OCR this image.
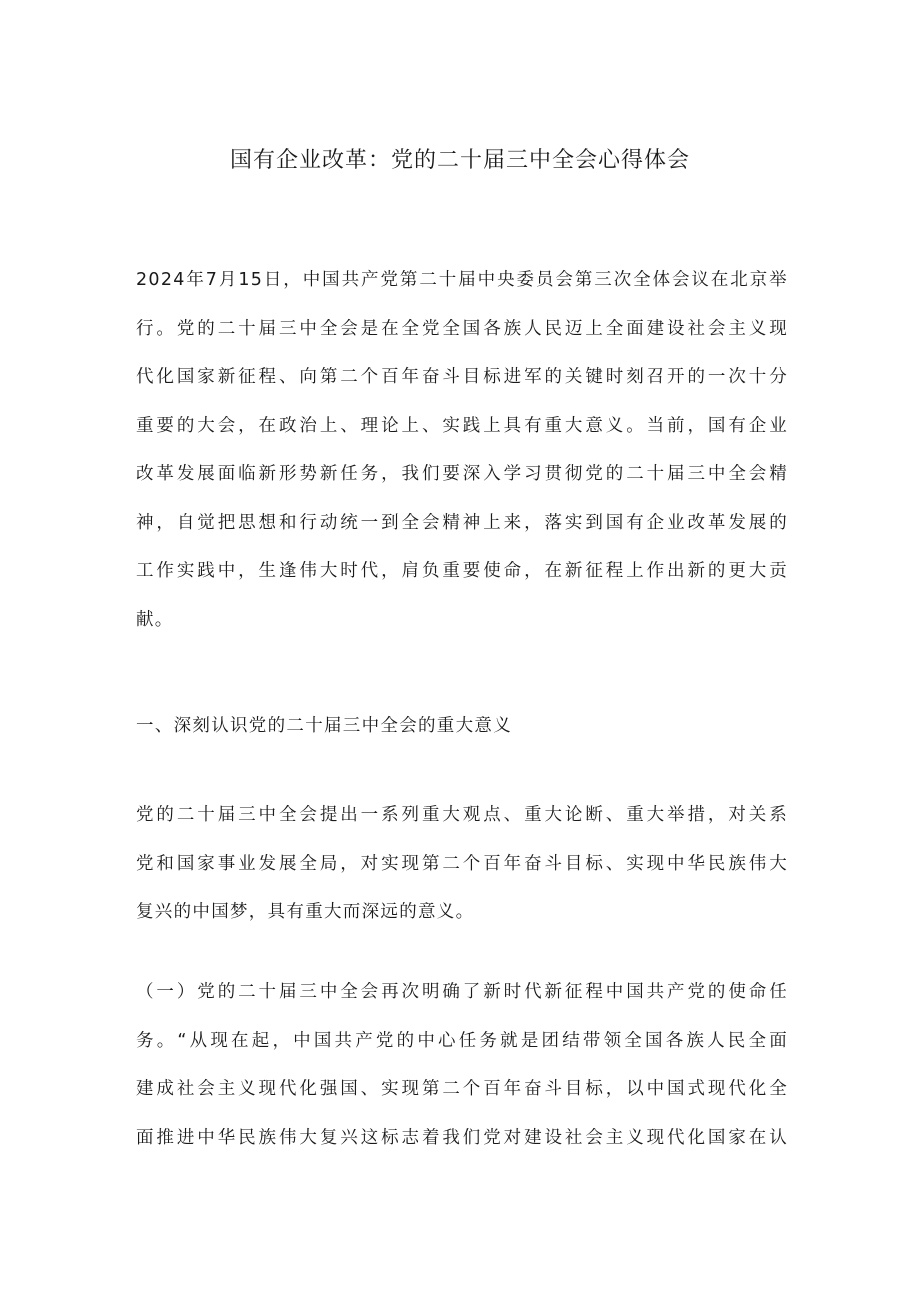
国有企业改革：党的二十届三中全会心得体会
2024年7月15日，中国共产党第二十届中央委员会第三次全体会议在北京举
行。党的二十届三中全会是在全党全国各族人民迈上全面建设社会主义现
代化国家新征程、向第二个百年奋斗目标进军的关键时刻召开的一次十分
重要的大会，在政治上、理论上、实践上具有重大意义。当前，国有企业
改革发展面临新形势新任务，我们要深入学习贯彻党的二十届三中全会精
神，自觉把思想和行动统一到全会精神上来，落实到国有企业改革发展的
工作实践中，生逢伟大时代，肩负重要使命，在新征程上作出新的更大贡
献。
一、深刻认识党的二十届三中全会的重大意义
党的二十届三中全会提出一系列重大观点、重大论断、重大举措，对关系
党和国家事业发展全局，对实现第二个百年奋斗目标、实现中华民族伟大
复兴的中国梦，具有重大而深远的意义。
（一）党的二十届三中全会再次明确了新时代新征程中国共产党的使命任
务。“从现在起，中国共产党的中心任务就是团结带领全国各族人民全面
建成社会主义现代化强国、实现第二个百年奋斗目标，以中国式现代化全
面推进中华民族伟大复兴这标志着我们党对建设社会主义现代化国家在认
